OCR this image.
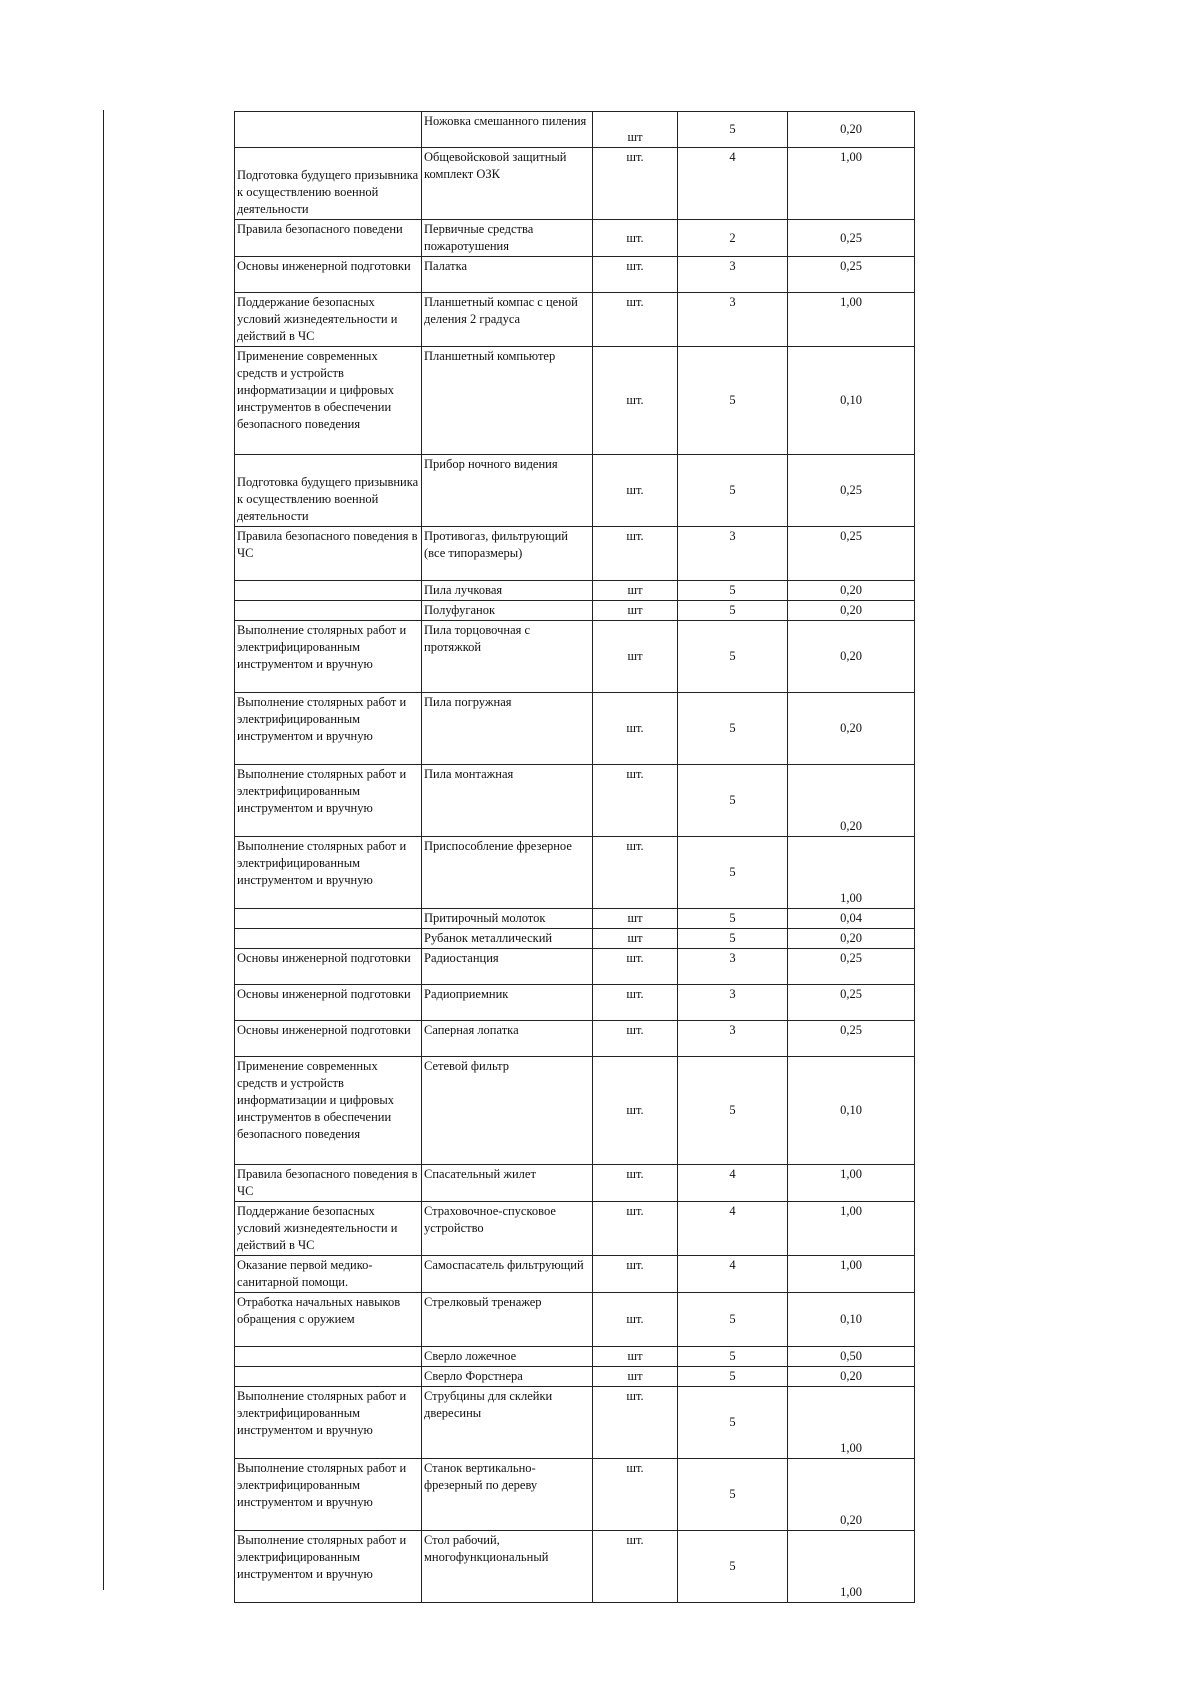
	Ножовка смешанного пиления	шт	5	0,20
Подготовка будущего призывника к осуществлению военной деятельности	Общевойсковой защитный комплект ОЗК	шт.	4	1,00
Правила безопасного поведени	Первичные средства пожаротушения	шт.	2	0,25
Основы инженерной подготовки	Палатка	шт.	3	0,25
Поддержание безопасных условий жизнедеятельности и действий в ЧС	Планшетный компас с ценой деления 2 градуса	шт.	3	1,00
Применение современных средств и устройств информатизации и цифровых инструментов в обеспечении безопасного поведения	Планшетный компьютер	шт.	5	0,10
Подготовка будущего призывника к осуществлению военной деятельности	Прибор ночного видения	шт.	5	0,25
Правила безопасного поведения в ЧС	Противогаз, фильтрующий (все типоразмеры)	шт.	3	0,25
	Пила лучковая	шт	5	0,20
	Полуфуганок	шт	5	0,20
Выполнение столярных работ и электрифицированным инструментом и вручную	Пила торцовочная с протяжкой	шт	5	0,20
Выполнение столярных работ и электрифицированным инструментом и вручную	Пила погружная	шт.	5	0,20
Выполнение столярных работ и электрифицированным инструментом и вручную	Пила монтажная	шт.	5	0,20
Выполнение столярных работ и электрифицированным инструментом и вручную	Приспособление фрезерное	шт.	5	1,00
	Притирочный молоток	шт	5	0,04
	Рубанок металлический	шт	5	0,20
Основы инженерной подготовки	Радиостанция	шт.	3	0,25
Основы инженерной подготовки	Радиоприемник	шт.	3	0,25
Основы инженерной подготовки	Саперная лопатка	шт.	3	0,25
Применение современных средств и устройств информатизации и цифровых инструментов в обеспечении безопасного поведения	Сетевой фильтр	шт.	5	0,10
Правила безопасного поведения в ЧС	Спасательный жилет	шт.	4	1,00
Поддержание безопасных условий жизнедеятельности и действий в ЧС	Страховочное-спусковое устройство	шт.	4	1,00
Оказание первой медико-санитарной помощи.	Самоспасатель фильтрующий	шт.	4	1,00
Отработка начальных навыков обращения с оружием	Стрелковый тренажер	шт.	5	0,10
	Сверло ложечное	шт	5	0,50
	Сверло Форстнера	шт	5	0,20
Выполнение столярных работ и электрифицированным инструментом и вручную	Струбцины для склейки двересины	шт.	5	1,00
Выполнение столярных работ и электрифицированным инструментом и вручную	Станок вертикально-фрезерный по дереву	шт.	5	0,20
Выполнение столярных работ и электрифицированным инструментом и вручную	Стол рабочий, многофункциональный	шт.	5	1,00
